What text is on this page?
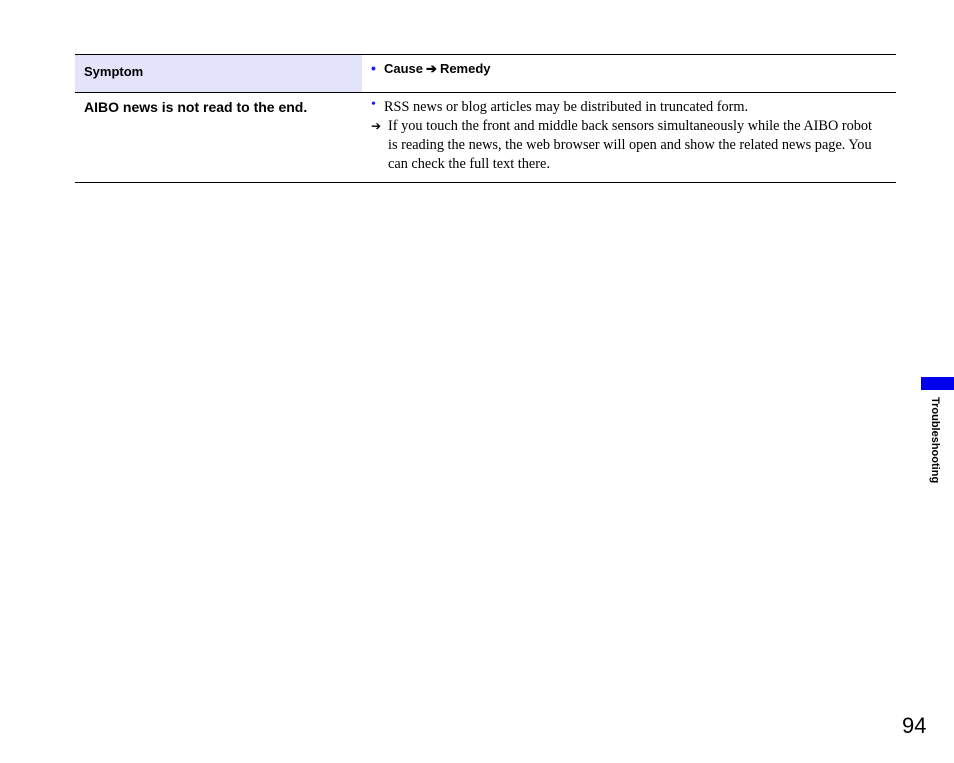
Symptom	• Cause ➔ Remedy
AIBO news is not read to the end.	• RSS news or blog articles may be distributed in truncated form.
➔ If you touch the front and middle back sensors simultaneously while the AIBO robot is reading the news, the web browser will open and show the related news page. You can check the full text there.
Troubleshooting
94
